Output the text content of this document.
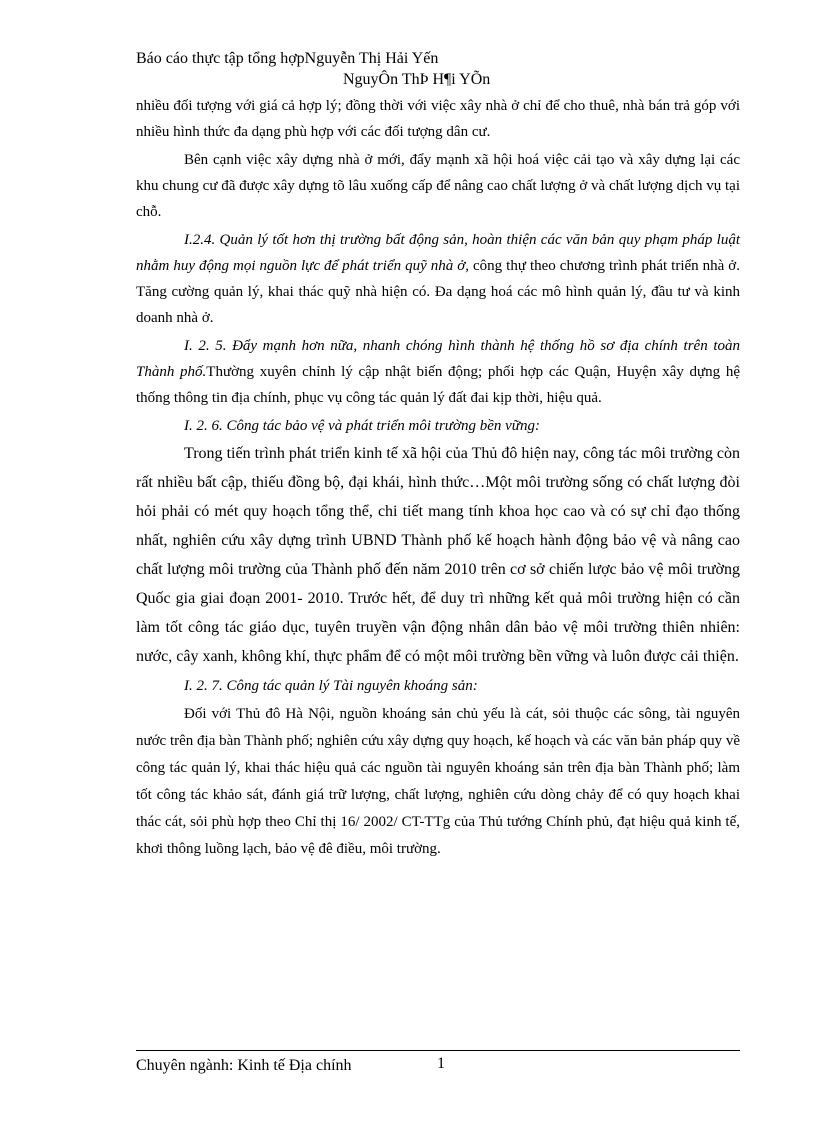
Báo cáo thực tập tổng hợpNguyễn Thị Hải Yến
NguyÔn ThÞ H¶i YÕn

nhiều đối tượng với giá cả hợp lý; đồng thời với việc xây nhà ở chỉ để cho thuê, nhà bán trả góp với nhiều hình thức đa dạng phù hợp với các đối tượng dân cư.

Bên cạnh việc xây dựng nhà ở mới, đẩy mạnh xã hội hoá việc cải tạo và xây dựng lại các khu chung cư đã được xây dựng tõ lâu xuống cấp để nâng cao chất lượng ở và chất lượng dịch vụ tại chỗ.

I.2.4. Quản lý tốt hơn thị trường bất động sản, hoàn thiện các văn bản quy phạm pháp luật nhằm huy động mọi nguồn lực để phát triển quỹ nhà ở, công thự theo chương trình phát triển nhà ở. Tăng cường quản lý, khai thác quỹ nhà hiện có. Đa dạng hoá các mô hình quản lý, đầu tư và kinh doanh nhà ở.

I. 2. 5. Đẩy mạnh hơn nữa, nhanh chóng hình thành hệ thống hồ sơ địa chính trên toàn Thành phố.Thường xuyên chỉnh lý cập nhật biến động; phối hợp các Quận, Huyện xây dựng hệ thống thông tin địa chính, phục vụ công tác quản lý đất đai kịp thời, hiệu quả.

I. 2. 6. Công tác bảo vệ và phát triển môi trường bền vững:

Trong tiến trình phát triển kinh tế xã hội của Thủ đô hiện nay, công tác môi trường còn rất nhiều bất cập, thiếu đồng bộ, đại khái, hình thức…Một môi trường sống có chất lượng đòi hỏi phải có mét quy hoạch tổng thể, chi tiết mang tính khoa học cao và có sự chỉ đạo thống nhất, nghiên cứu xây dựng trình UBND Thành phố kế hoạch hành động bảo vệ và nâng cao chất lượng môi trường của Thành phố đến năm 2010 trên cơ sở chiến lược bảo vệ môi trường Quốc gia giai đoạn 2001- 2010. Trước hết, để duy trì những kết quả môi trường hiện có cần làm tốt công tác giáo dục, tuyên truyền vận động nhân dân bảo vệ môi trường thiên nhiên: nước, cây xanh, không khí, thực phẩm để có một môi trường bền vững và luôn được cải thiện.

I. 2. 7. Công tác quản lý Tài nguyên khoáng sản:

Đối với Thủ đô Hà Nội, nguồn khoáng sản chủ yếu là cát, sỏi thuộc các sông, tài nguyên nước trên địa bàn Thành phố; nghiên cứu xây dựng quy hoạch, kế hoạch và các văn bản pháp quy về công tác quản lý, khai thác hiệu quả các nguồn tài nguyên khoáng sản trên địa bàn Thành phố; làm tốt công tác khảo sát, đánh giá trữ lượng, chất lượng, nghiên cứu dòng chảy để có quy hoạch khai thác cát, sỏi phù hợp theo Chỉ thị 16/ 2002/ CT-TTg của Thủ tướng Chính phủ, đạt hiệu quả kinh tế, khơi thông luồng lạch, bảo vệ đê điều, môi trường.

Chuyên ngành: Kinh tế Địa chính	1
